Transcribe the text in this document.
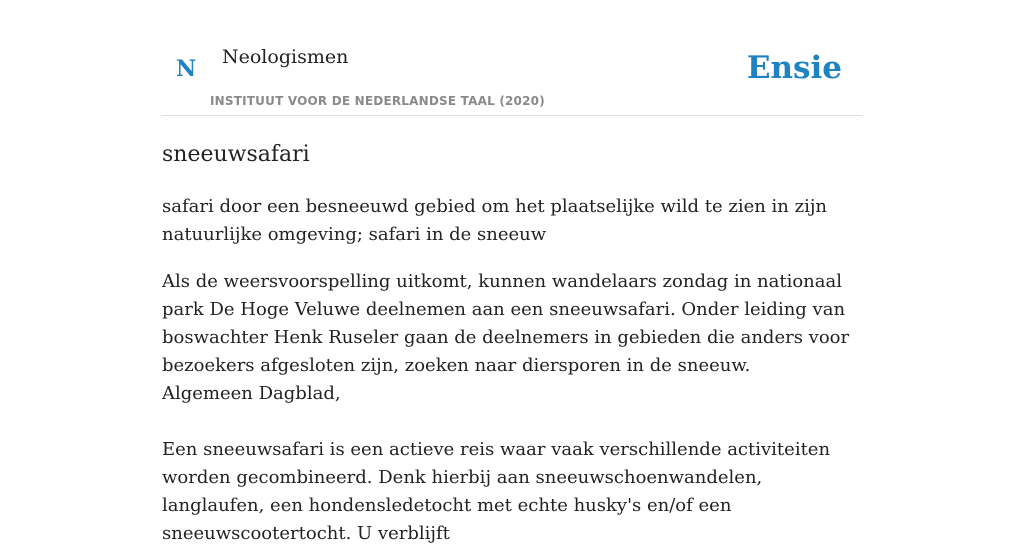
N Neologismen
INSTITUUT VOOR DE NEDERLANDSE TAAL (2020)
Ensie
sneeuwsafari
safari door een besneeuwd gebied om het plaatselijke wild te zien in zijn natuurlijke omgeving; safari in de sneeuw
Als de weersvoorspelling uitkomt, kunnen wandelaars zondag in nationaal park De Hoge Veluwe deelnemen aan een sneeuwsafari. Onder leiding van boswachter Henk Ruseler gaan de deelnemers in gebieden die anders voor bezoekers afgesloten zijn, zoeken naar diersporen in de sneeuw.
Algemeen Dagblad,
Een sneeuwsafari is een actieve reis waar vaak verschillende activiteiten worden gecombineerd. Denk hierbij aan sneeuwschoenwandelen, langlaufen, een hondensledetocht met echte husky's en/of een sneeuwscootertocht. U verblijft
